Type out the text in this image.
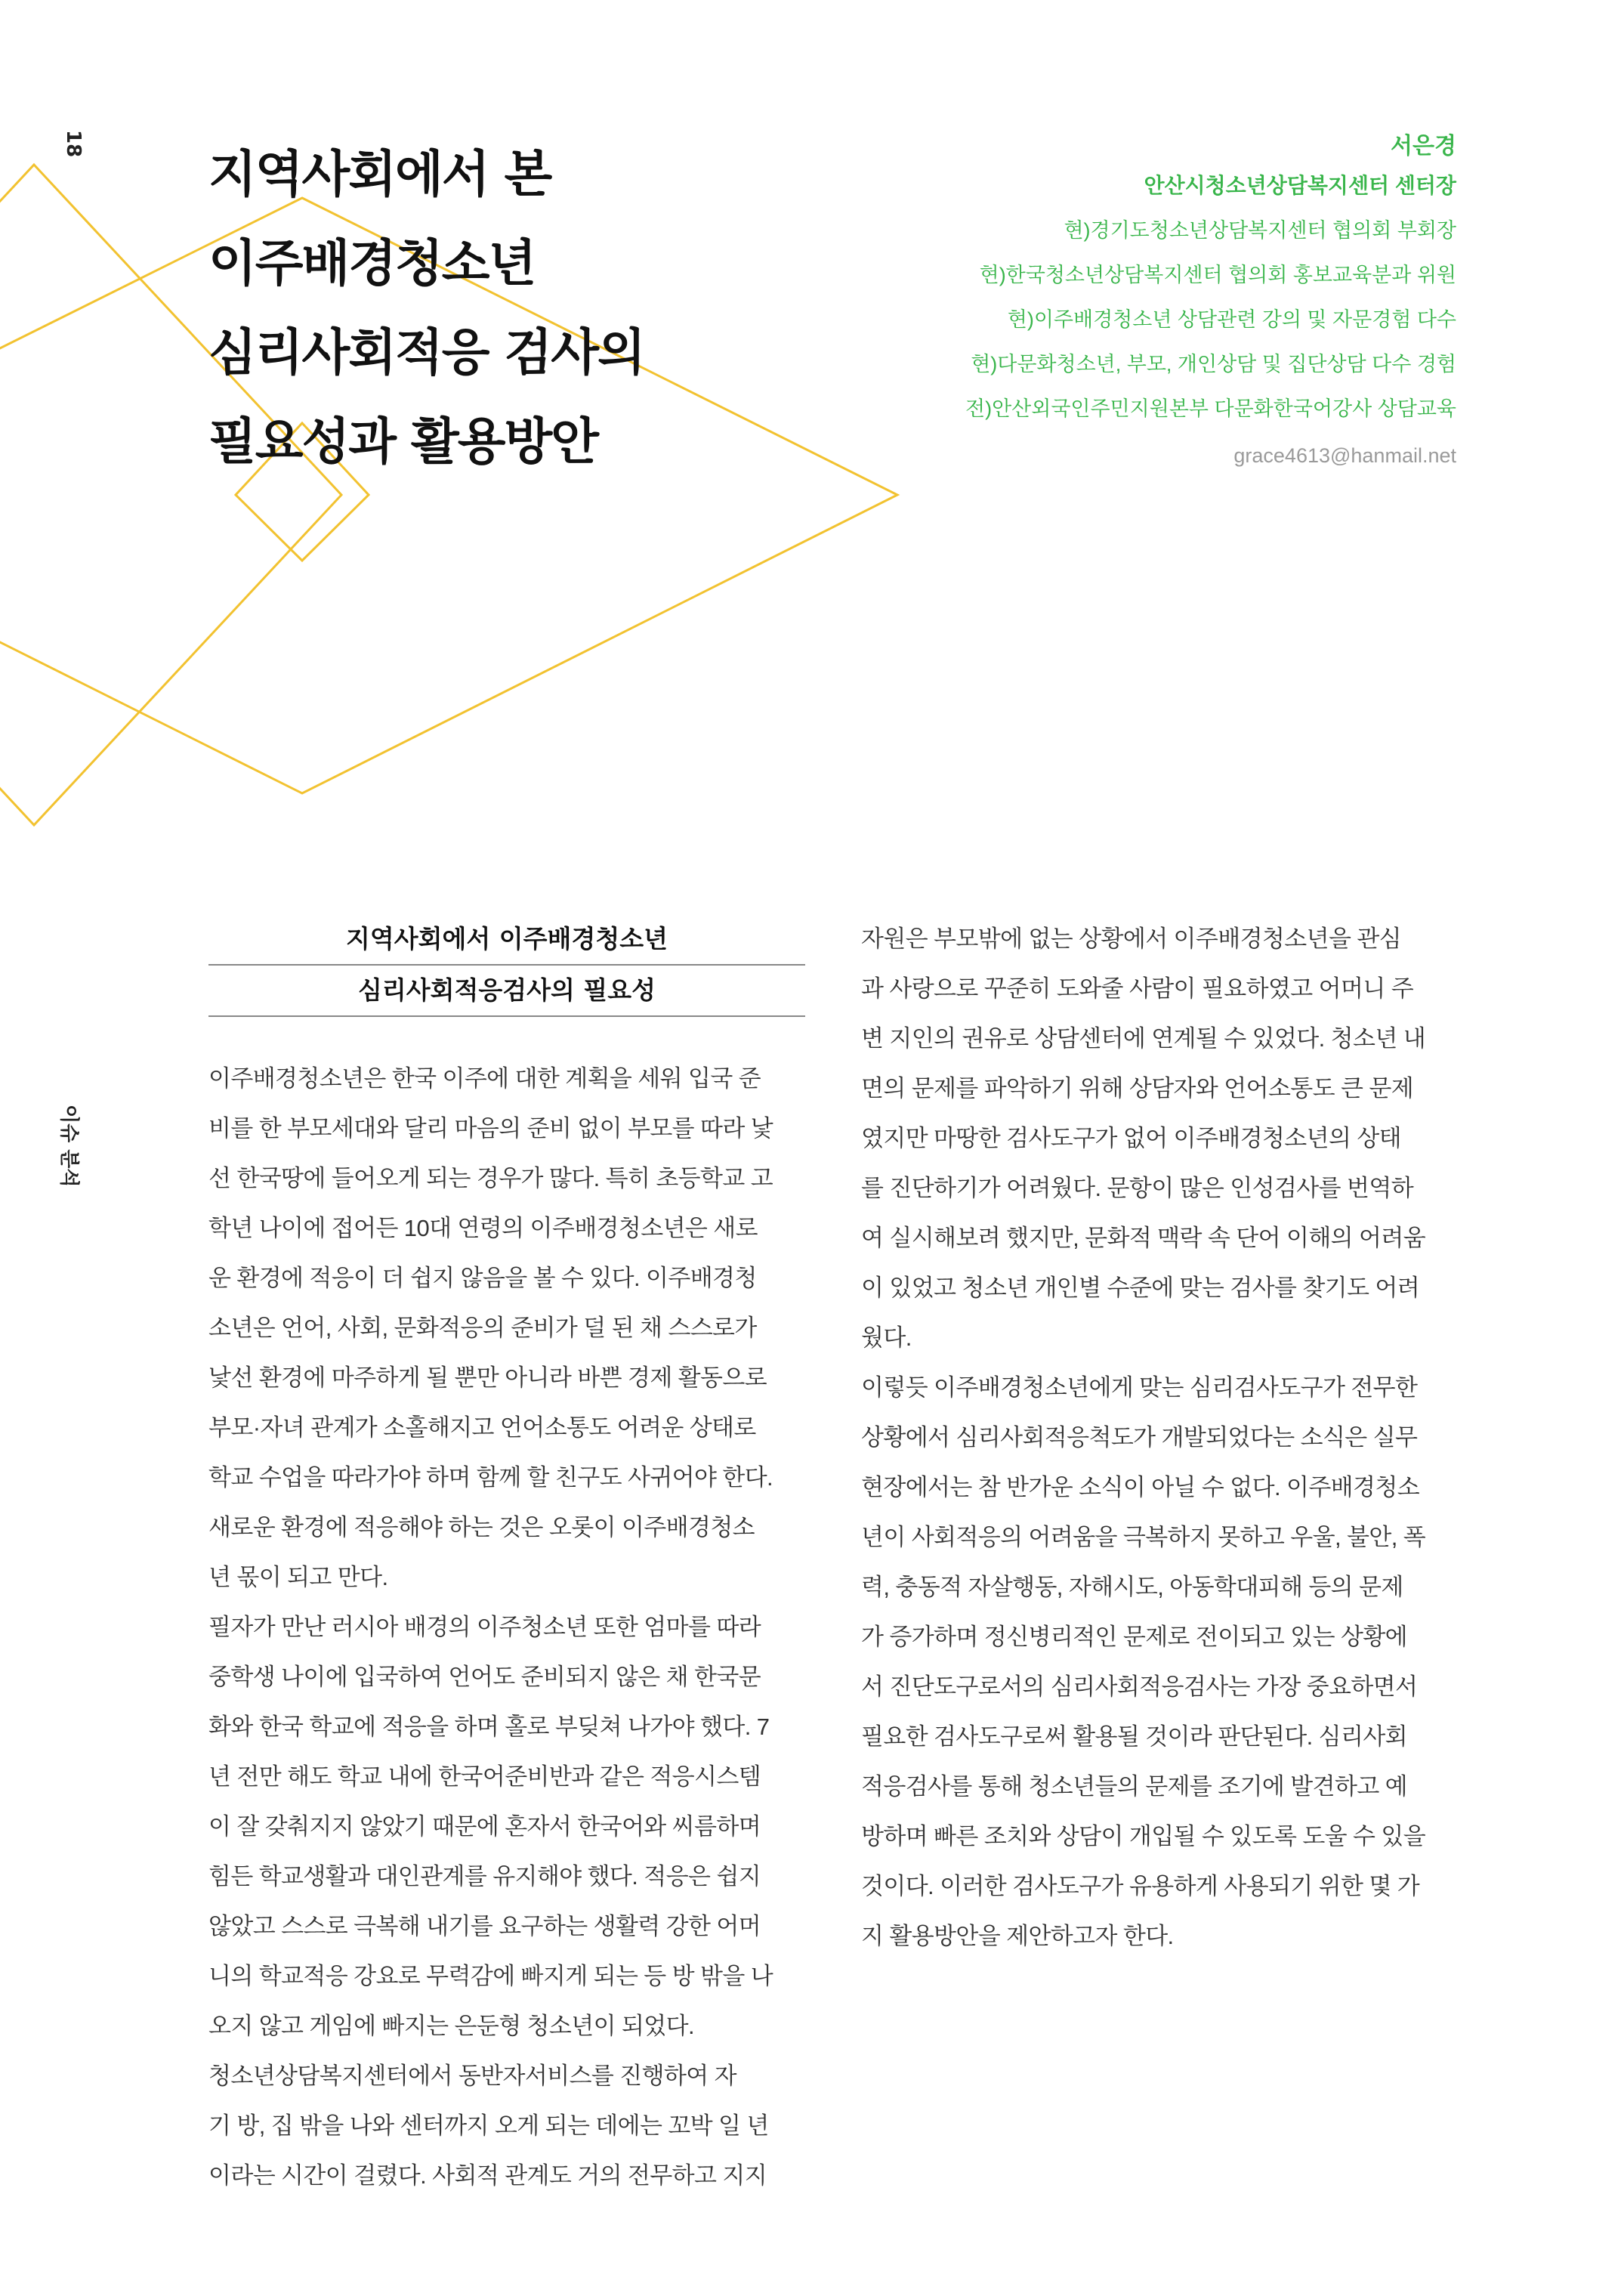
18
이슈 분석
지역사회에서 본
이주배경청소년
심리사회적응 검사의
필요성과 활용방안
서은경
안산시청소년상담복지센터 센터장
현)경기도청소년상담복지센터 협의회 부회장
현)한국청소년상담복지센터 협의회 홍보교육분과 위원
현)이주배경청소년 상담관련 강의 및 자문경험 다수
현)다문화청소년, 부모, 개인상담 및 집단상담 다수 경험
전)안산외국인주민지원본부 다문화한국어강사 상담교육
grace4613@hanmail.net
지역사회에서 이주배경청소년
심리사회적응검사의 필요성
이주배경청소년은 한국 이주에 대한 계획을 세워 입국 준
비를 한 부모세대와 달리 마음의 준비 없이 부모를 따라 낯
선 한국땅에 들어오게 되는 경우가 많다. 특히 초등학교 고
학년 나이에 접어든 10대 연령의 이주배경청소년은 새로
운 환경에 적응이 더 쉽지 않음을 볼 수 있다. 이주배경청
소년은 언어, 사회, 문화적응의 준비가 덜 된 채 스스로가
낯선 환경에 마주하게 될 뿐만 아니라 바쁜 경제 활동으로
부모·자녀 관계가 소홀해지고 언어소통도 어려운 상태로
학교 수업을 따라가야 하며 함께 할 친구도 사귀어야 한다.
새로운 환경에 적응해야 하는 것은 오롯이 이주배경청소
년 몫이 되고 만다.
필자가 만난 러시아 배경의 이주청소년 또한 엄마를 따라
중학생 나이에 입국하여 언어도 준비되지 않은 채 한국문
화와 한국 학교에 적응을 하며 홀로 부딪쳐 나가야 했다. 7
년 전만 해도 학교 내에 한국어준비반과 같은 적응시스템
이 잘 갖춰지지 않았기 때문에 혼자서 한국어와 씨름하며
힘든 학교생활과 대인관계를 유지해야 했다. 적응은 쉽지
않았고 스스로 극복해 내기를 요구하는 생활력 강한 어머
니의 학교적응 강요로 무력감에 빠지게 되는 등 방 밖을 나
오지 않고 게임에 빠지는 은둔형 청소년이 되었다.
청소년상담복지센터에서 동반자서비스를 진행하여 자
기 방, 집 밖을 나와 센터까지 오게 되는 데에는 꼬박 일 년
이라는 시간이 걸렸다. 사회적 관계도 거의 전무하고 지지
자원은 부모밖에 없는 상황에서 이주배경청소년을 관심
과 사랑으로 꾸준히 도와줄 사람이 필요하였고 어머니 주
변 지인의 권유로 상담센터에 연계될 수 있었다. 청소년 내
면의 문제를 파악하기 위해 상담자와 언어소통도 큰 문제
였지만 마땅한 검사도구가 없어 이주배경청소년의 상태
를 진단하기가 어려웠다. 문항이 많은 인성검사를 번역하
여 실시해보려 했지만, 문화적 맥락 속 단어 이해의 어려움
이 있었고 청소년 개인별 수준에 맞는 검사를 찾기도 어려
웠다.
이렇듯 이주배경청소년에게 맞는 심리검사도구가 전무한
상황에서 심리사회적응척도가 개발되었다는 소식은 실무
현장에서는 참 반가운 소식이 아닐 수 없다. 이주배경청소
년이 사회적응의 어려움을 극복하지 못하고 우울, 불안, 폭
력, 충동적 자살행동, 자해시도, 아동학대피해 등의 문제
가 증가하며 정신병리적인 문제로 전이되고 있는 상황에
서 진단도구로서의 심리사회적응검사는 가장 중요하면서
필요한 검사도구로써 활용될 것이라 판단된다. 심리사회
적응검사를 통해 청소년들의 문제를 조기에 발견하고 예
방하며 빠른 조치와 상담이 개입될 수 있도록 도울 수 있을
것이다. 이러한 검사도구가 유용하게 사용되기 위한 몇 가
지 활용방안을 제안하고자 한다.
